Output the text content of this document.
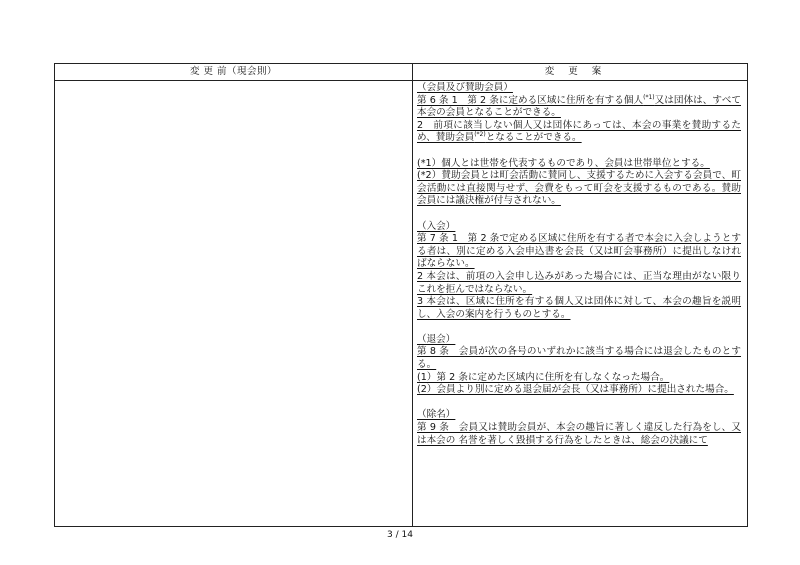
変 更 前（現会則）	変更案

（会員及び賛助会員）

第 6 条 1　第 2 条に定める区域に住所を有する個人$^{(*1)}$又は団体は、すべて本会の会員となることができる。

2　前項に該当しない個人又は団体にあっては、本会の事業を賛助するため、賛助会員$^{(*2)}$となることができる。

(*1）個人とは世帯を代表するものであり、会員は世帯単位とする。

(*2）賛助会員とは町会活動に賛同し、支援するために入会する会員で、町会活動には直接関与せず、会費をもって町会を支援するものである。賛助会員には議決権が付与されない。

（入会）

第 7 条 1　第 2 条で定める区域に住所を有する者で本会に入会しようとする者は、別に定める入会申込書を会長（又は町会事務所）に提出しなければならない。

2 本会は、前項の入会申し込みがあった場合には、正当な理由がない限りこれを拒んではならない。

3 本会は、区域に住所を有する個人又は団体に対して、本会の趣旨を説明し、入会の案内を行うものとする。

（退会）

第 8 条　会員が次の各号のいずれかに該当する場合には退会したものとする。

(1）第 2 条に定めた区域内に住所を有しなくなった場合。

(2）会員より別に定める退会届が会長（又は事務所）に提出された場合。

（除名）

第 9 条　会員又は賛助会員が、本会の趣旨に著しく違反した行為をし、又は本会の 名誉を著しく毀損する行為をしたときは、総会の決議にて

3 / 14
